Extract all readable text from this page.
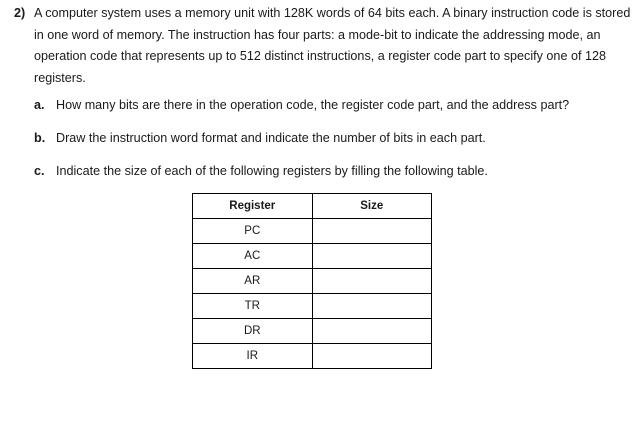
2) A computer system uses a memory unit with 128K words of 64 bits each. A binary instruction code is stored in one word of memory. The instruction has four parts: a mode-bit to indicate the addressing mode, an operation code that represents up to 512 distinct instructions, a register code part to specify one of 128 registers.
a. How many bits are there in the operation code, the register code part, and the address part?
b. Draw the instruction word format and indicate the number of bits in each part.
c. Indicate the size of each of the following registers by filling the following table.
Register	Size
PC	
AC	
AR	
TR	
DR	
IR	
